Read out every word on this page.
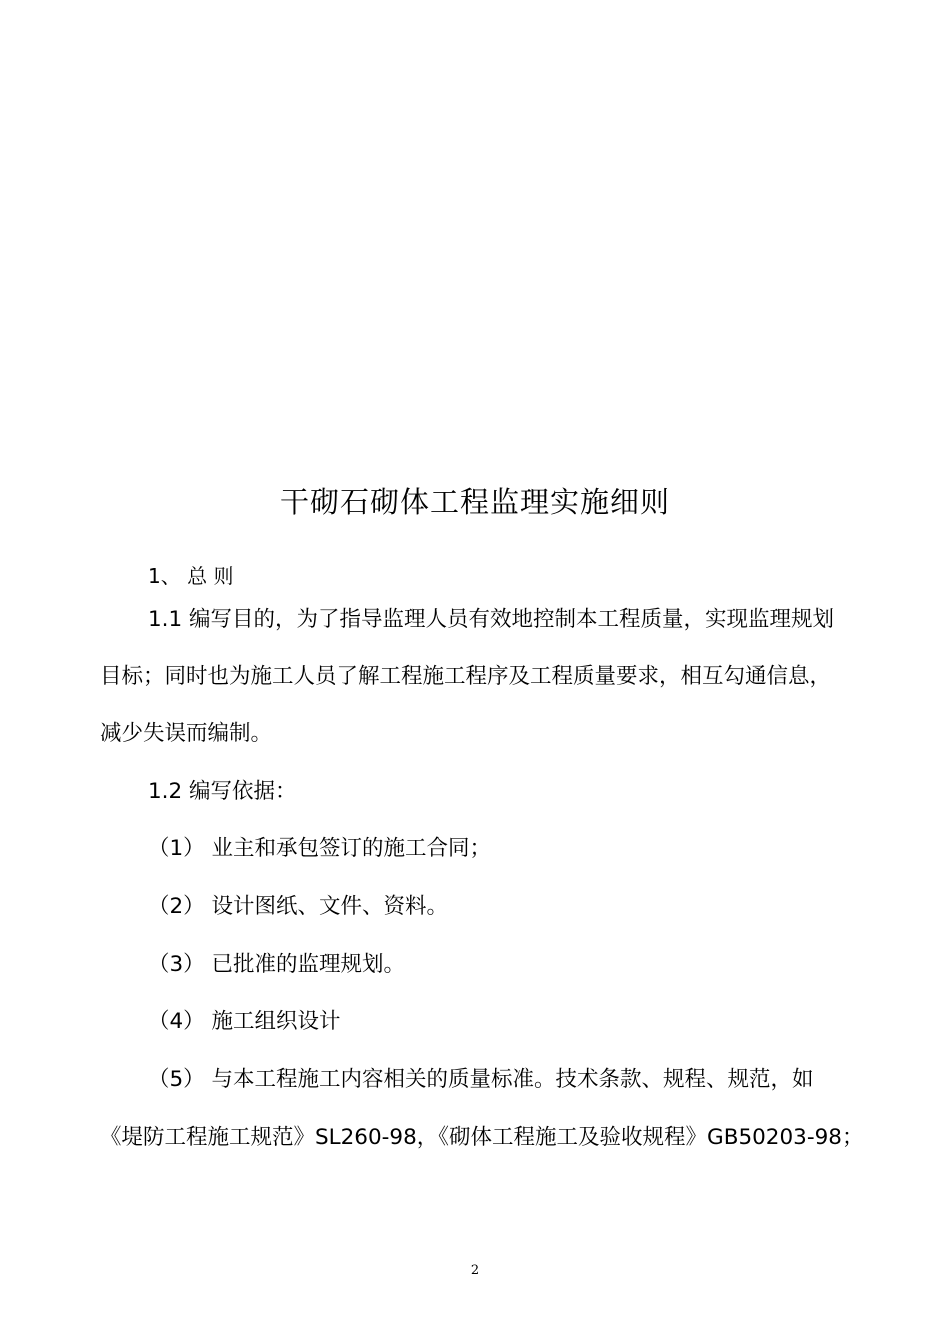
干砌石砌体工程监理实施细则
1、 总 则
1.1 编写目的，为了指导监理人员有效地控制本工程质量，实现监理规划
目标；同时也为施工人员了解工程施工程序及工程质量要求，相互勾通信息，
减少失误而编制。
1.2 编写依据：
（1） 业主和承包签订的施工合同；
（2） 设计图纸、文件、资料。
（3） 已批准的监理规划。
（4） 施工组织设计
（5） 与本工程施工内容相关的质量标准。技术条款、规程、规范，如
《堤防工程施工规范》SL260-98，《砌体工程施工及验收规程》GB50203-98；
2
